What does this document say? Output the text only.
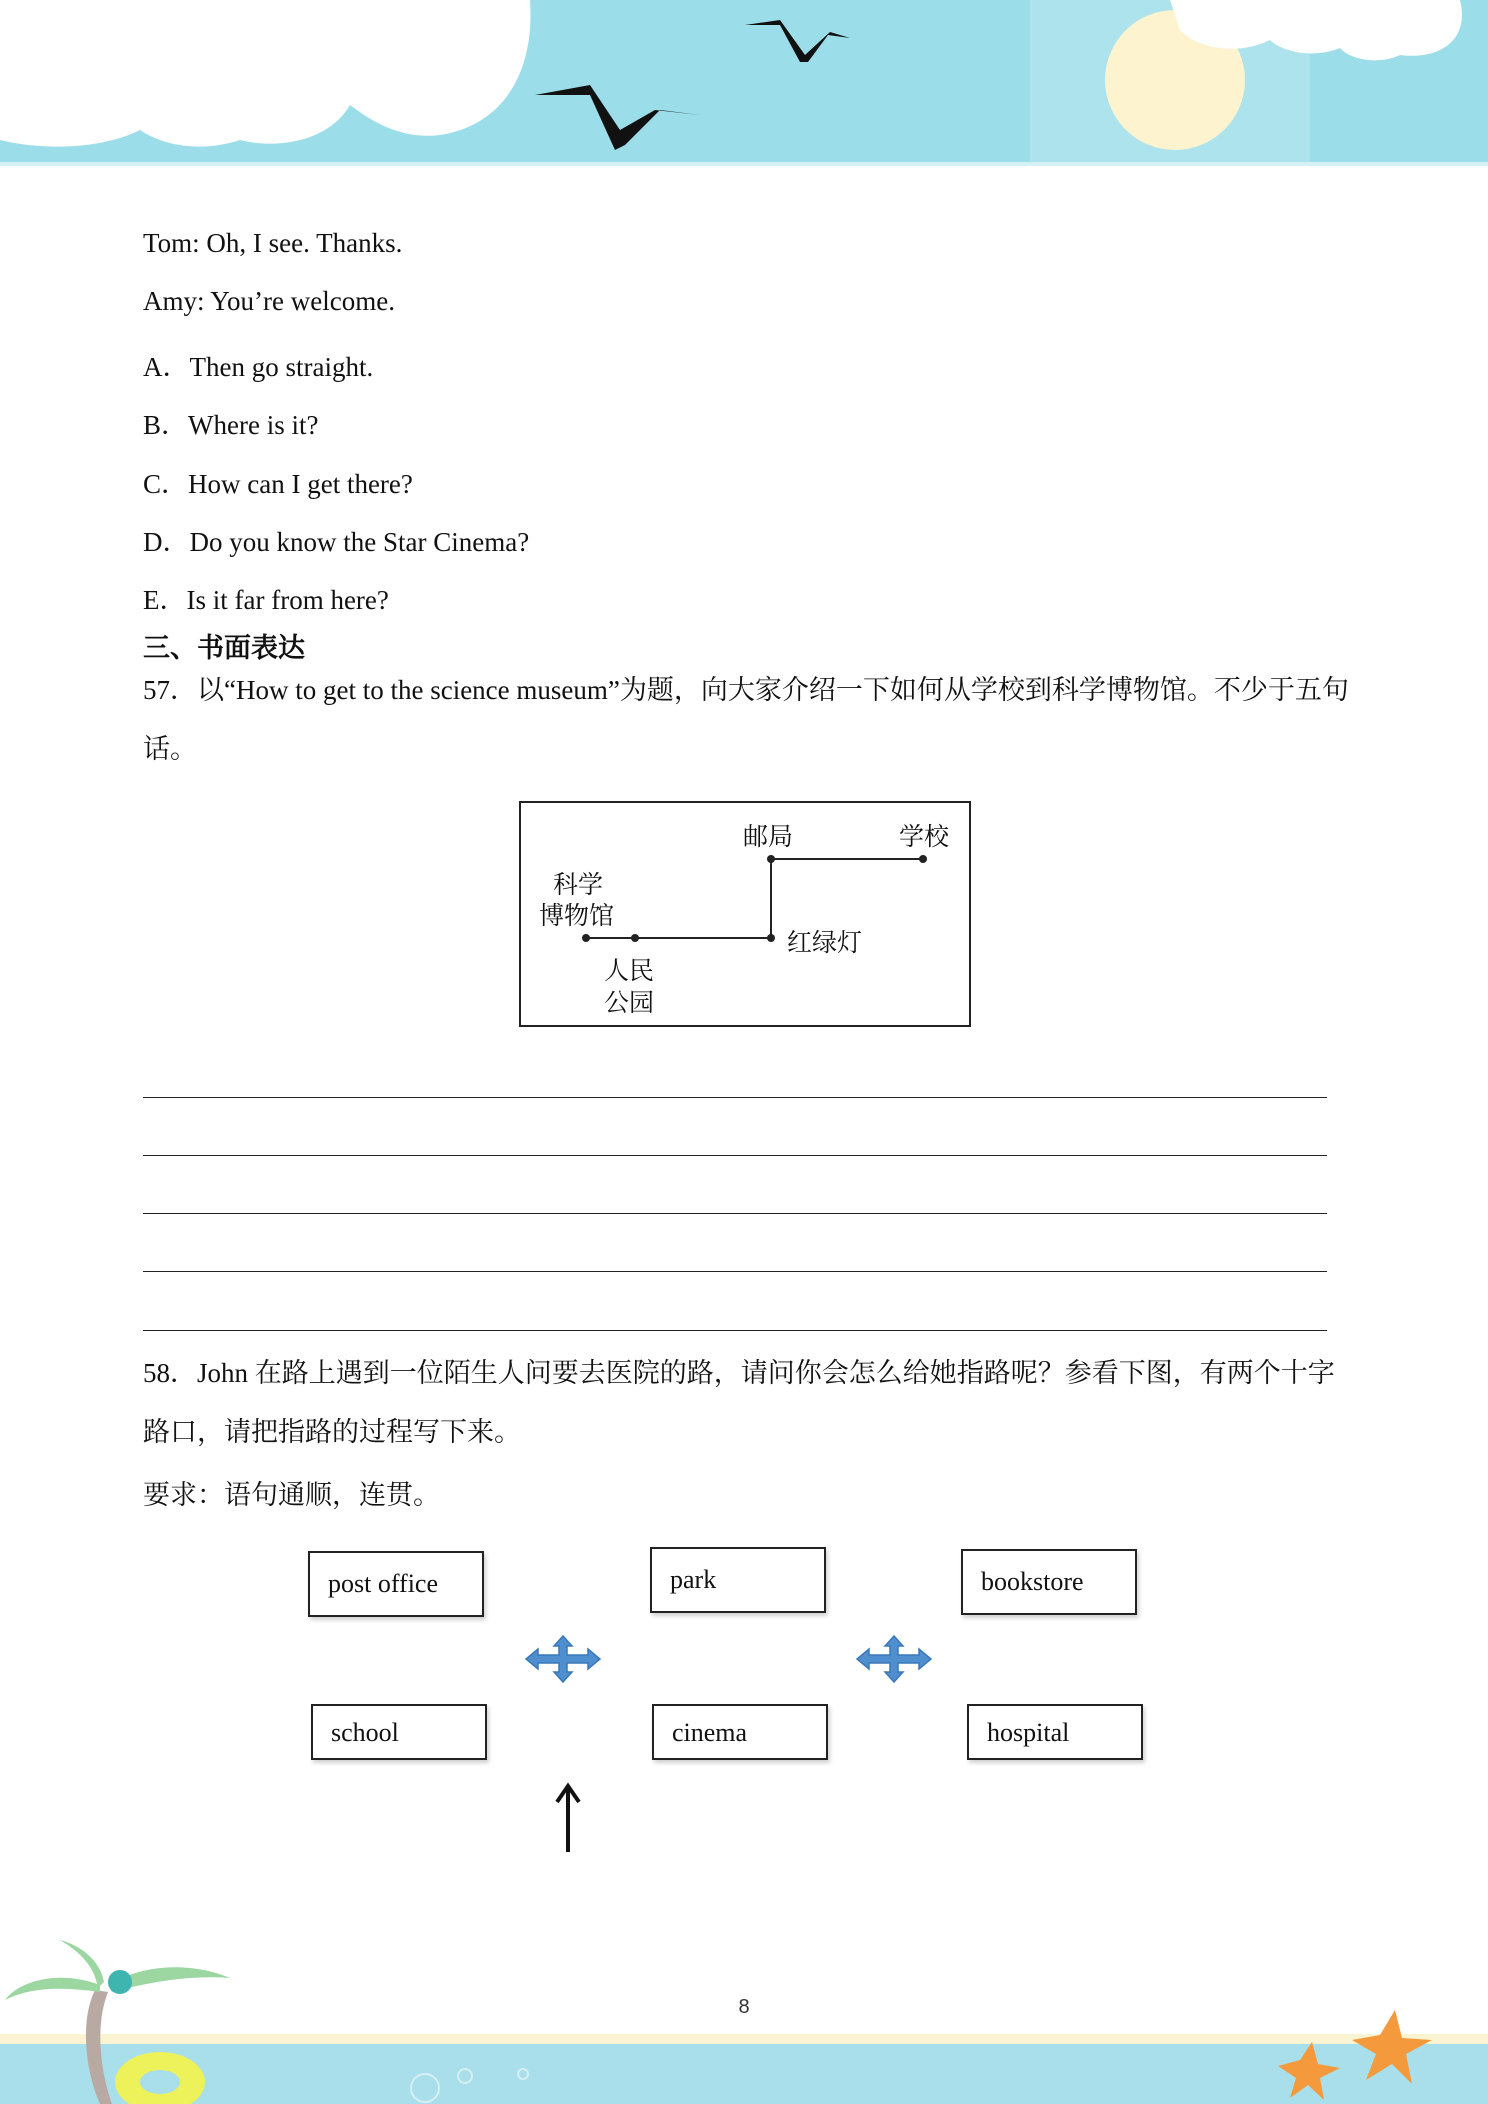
Tom: Oh, I see. Thanks.
Amy: You’re welcome.
A．Then go straight.
B．Where is it?
C．How can I get there?
D．Do you know the Star Cinema?
E．Is it far from here?
三、书面表达
57．以“How to get to the science museum”为题，向大家介绍一下如何从学校到科学博物馆。不少于五句话。
邮局	学校
科学
博物馆
红绿灯
人民
公园
58．John 在路上遇到一位陌生人问要去医院的路，请问你会怎么给她指路呢？参看下图，有两个十字路口，请把指路的过程写下来。
要求：语句通顺，连贯。
post office	park	bookstore
school	cinema	hospital
8
